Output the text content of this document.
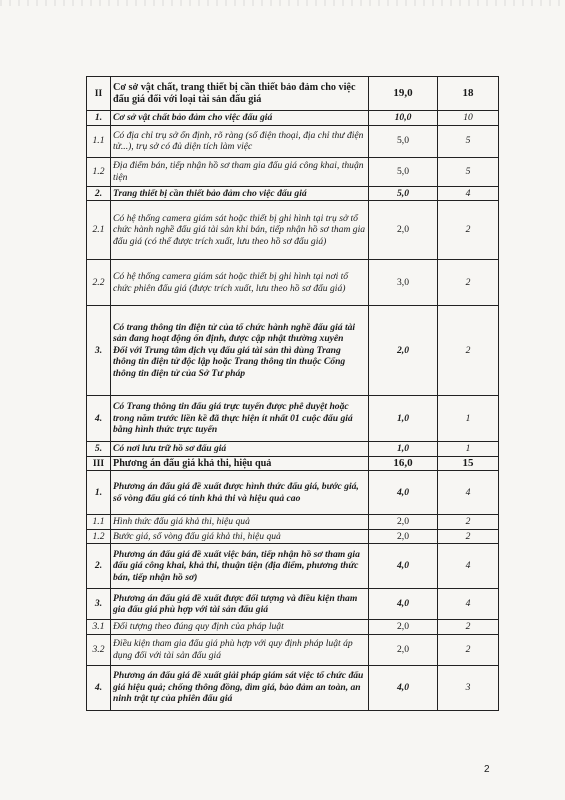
II	Cơ sở vật chất, trang thiết bị cần thiết bảo đảm cho việc đấu giá đối với loại tài sản đấu giá	19,0	18
1.	Cơ sở vật chất bảo đảm cho việc đấu giá	10,0	10
1.1	Có địa chỉ trụ sở ổn định, rõ ràng (số điện thoại, địa chỉ thư điện tử...), trụ sở có đủ diện tích làm việc	5,0	5
1.2	Địa điểm bán, tiếp nhận hồ sơ tham gia đấu giá công khai, thuận tiện	5,0	5
2.	Trang thiết bị cần thiết bảo đảm cho việc đấu giá	5,0	4
2.1	Có hệ thống camera giám sát hoặc thiết bị ghi hình tại trụ sở tổ chức hành nghề đấu giá tài sản khi bán, tiếp nhận hồ sơ tham gia đấu giá (có thể được trích xuất, lưu theo hồ sơ đấu giá)	2,0	2
2.2	Có hệ thống camera giám sát hoặc thiết bị ghi hình tại nơi tổ chức phiên đấu giá (được trích xuất, lưu theo hồ sơ đấu giá)	3,0	2
3.	Có trang thông tin điện tử của tổ chức hành nghề đấu giá tài sản đang hoạt động ổn định, được cập nhật thường xuyên
Đối với Trung tâm dịch vụ đấu giá tài sản thì dùng Trang thông tin điện tử độc lập hoặc Trang thông tin thuộc Cổng thông tin điện tử của Sở Tư pháp	2,0	2
4.	Có Trang thông tin đấu giá trực tuyến được phê duyệt hoặc trong năm trước liền kề đã thực hiện ít nhất 01 cuộc đấu giá bằng hình thức trực tuyến	1,0	1
5.	Có nơi lưu trữ hồ sơ đấu giá	1,0	1
III	Phương án đấu giá khả thi, hiệu quả	16,0	15
1.	Phương án đấu giá đề xuất được hình thức đấu giá, bước giá, số vòng đấu giá có tính khả thi và hiệu quả cao	4,0	4
1.1	Hình thức đấu giá khả thi, hiệu quả	2,0	2
1.2	Bước giá, số vòng đấu giá khả thi, hiệu quả	2,0	2
2.	Phương án đấu giá đề xuất việc bán, tiếp nhận hồ sơ tham gia đấu giá công khai, khả thi, thuận tiện (địa điểm, phương thức bán, tiếp nhận hồ sơ)	4,0	4
3.	Phương án đấu giá đề xuất được đối tượng và điều kiện tham gia đấu giá phù hợp với tài sản đấu giá	4,0	4
3.1	Đối tượng theo đúng quy định của pháp luật	2,0	2
3.2	Điều kiện tham gia đấu giá phù hợp với quy định pháp luật áp dụng đối với tài sản đấu giá	2,0	2
4.	Phương án đấu giá đề xuất giải pháp giám sát việc tổ chức đấu giá hiệu quả; chống thông đồng, dìm giá, bảo đảm an toàn, an ninh trật tự của phiên đấu giá	4,0	3
2
